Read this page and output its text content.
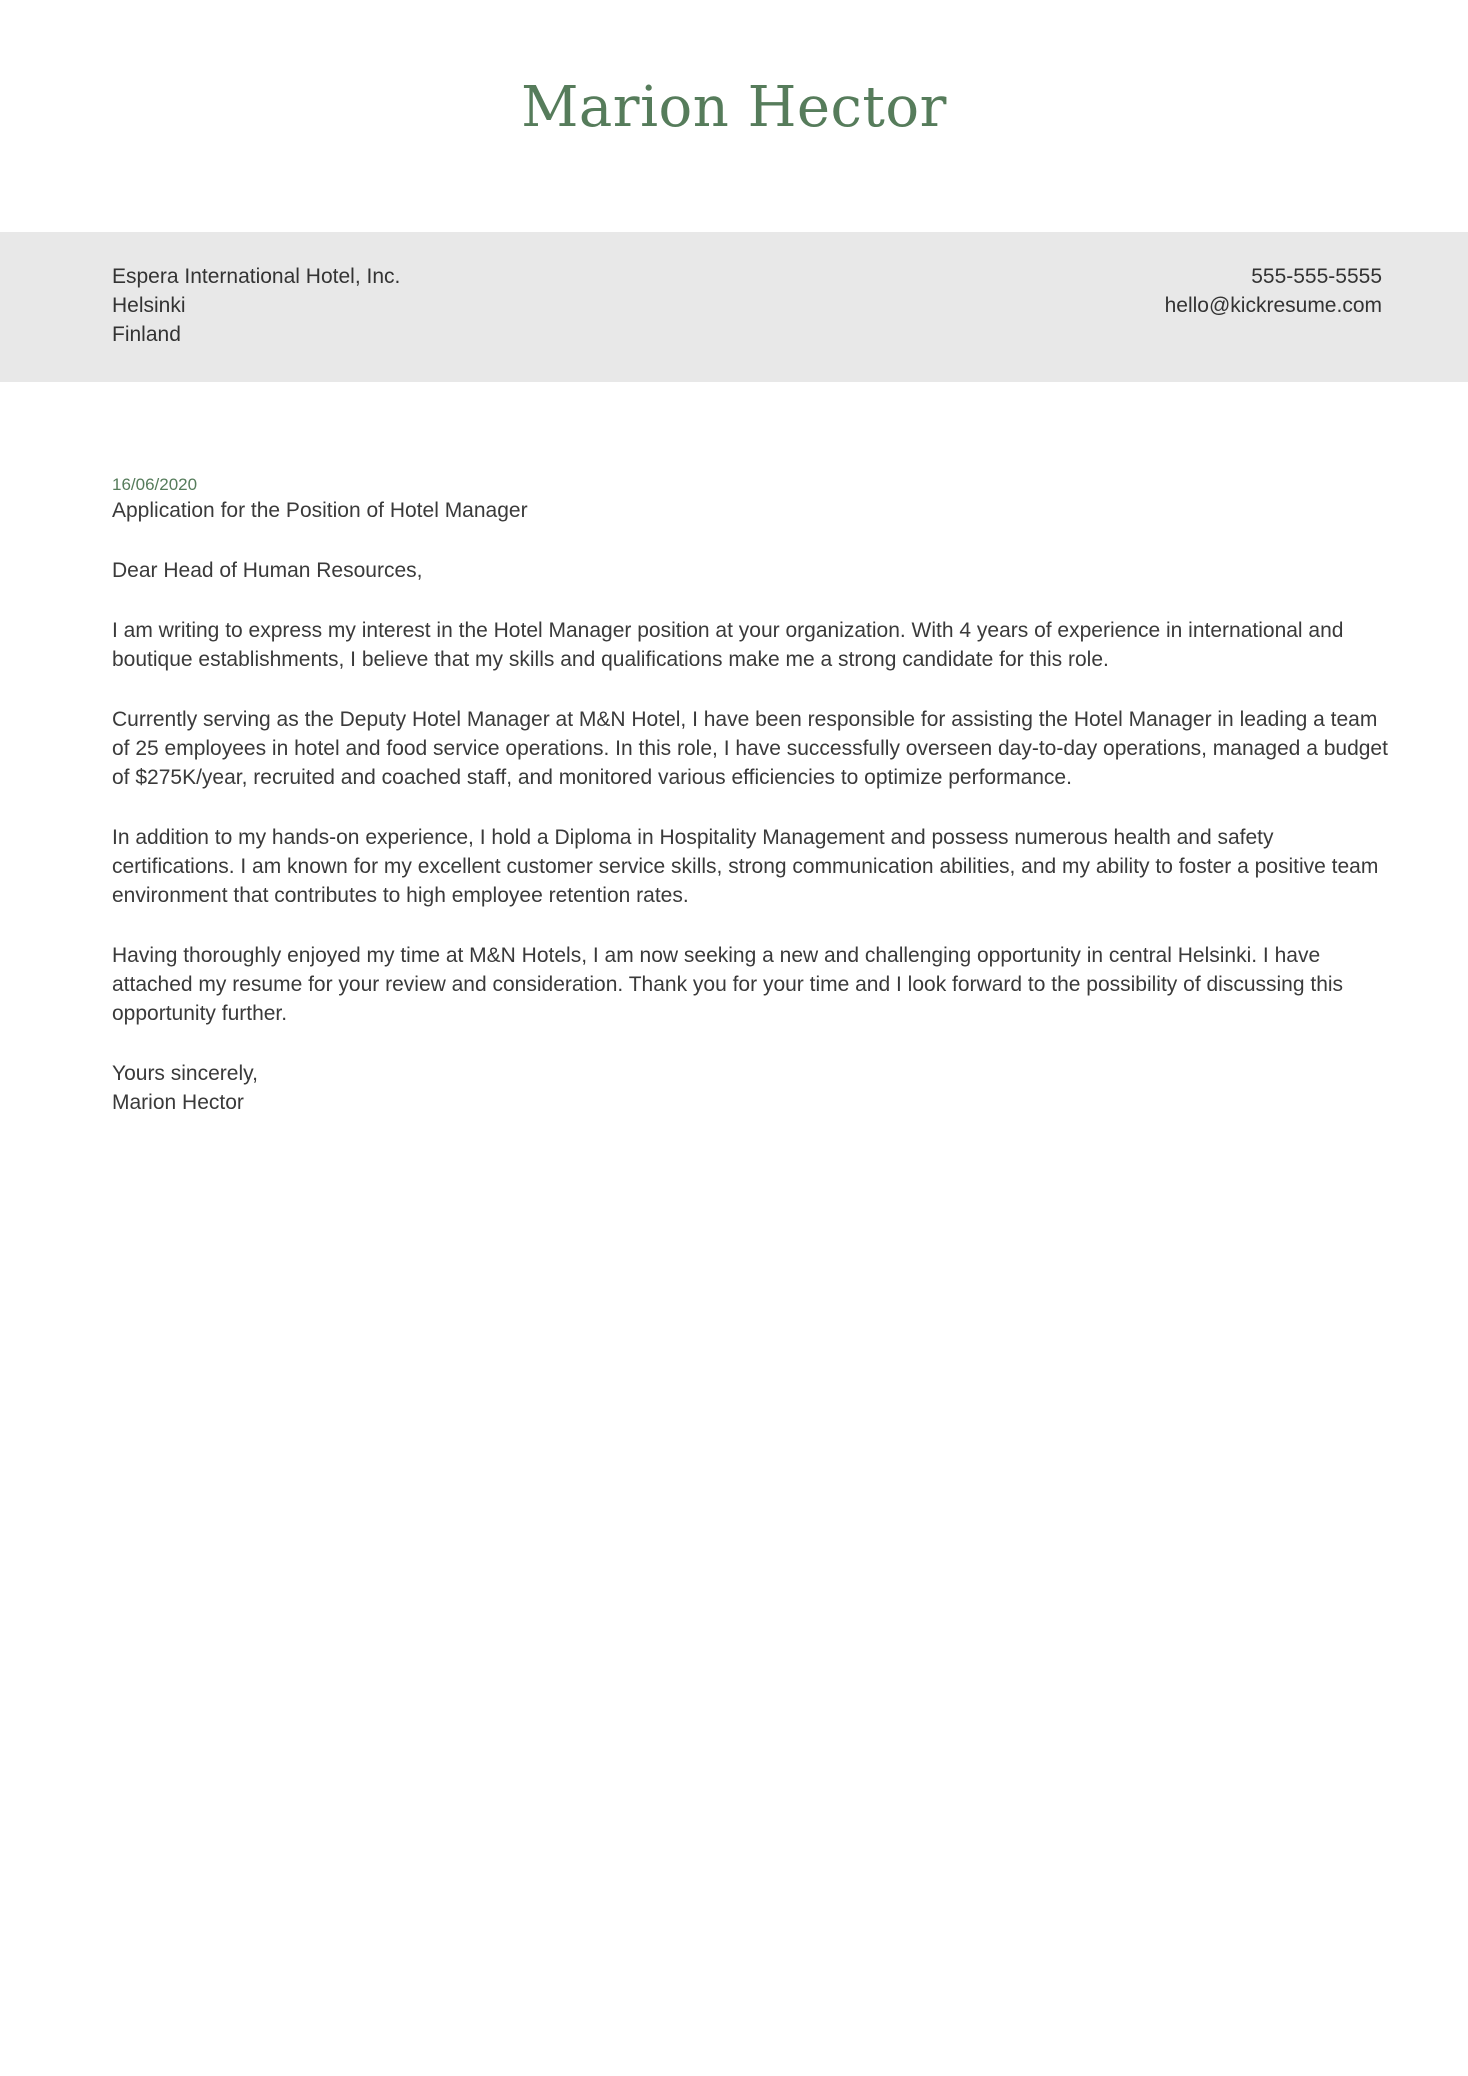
Marion Hector
Espera International Hotel, Inc.
Helsinki
Finland
555-555-5555
hello@kickresume.com
16/06/2020
Application for the Position of Hotel Manager

Dear Head of Human Resources,

I am writing to express my interest in the Hotel Manager position at your organization. With 4 years of experience in international and boutique establishments, I believe that my skills and qualifications make me a strong candidate for this role.

Currently serving as the Deputy Hotel Manager at M&N Hotel, I have been responsible for assisting the Hotel Manager in leading a team of 25 employees in hotel and food service operations. In this role, I have successfully overseen day-to-day operations, managed a budget of $275K/year, recruited and coached staff, and monitored various efficiencies to optimize performance.

In addition to my hands-on experience, I hold a Diploma in Hospitality Management and possess numerous health and safety certifications. I am known for my excellent customer service skills, strong communication abilities, and my ability to foster a positive team environment that contributes to high employee retention rates.

Having thoroughly enjoyed my time at M&N Hotels, I am now seeking a new and challenging opportunity in central Helsinki. I have attached my resume for your review and consideration. Thank you for your time and I look forward to the possibility of discussing this opportunity further.

Yours sincerely,
Marion Hector
